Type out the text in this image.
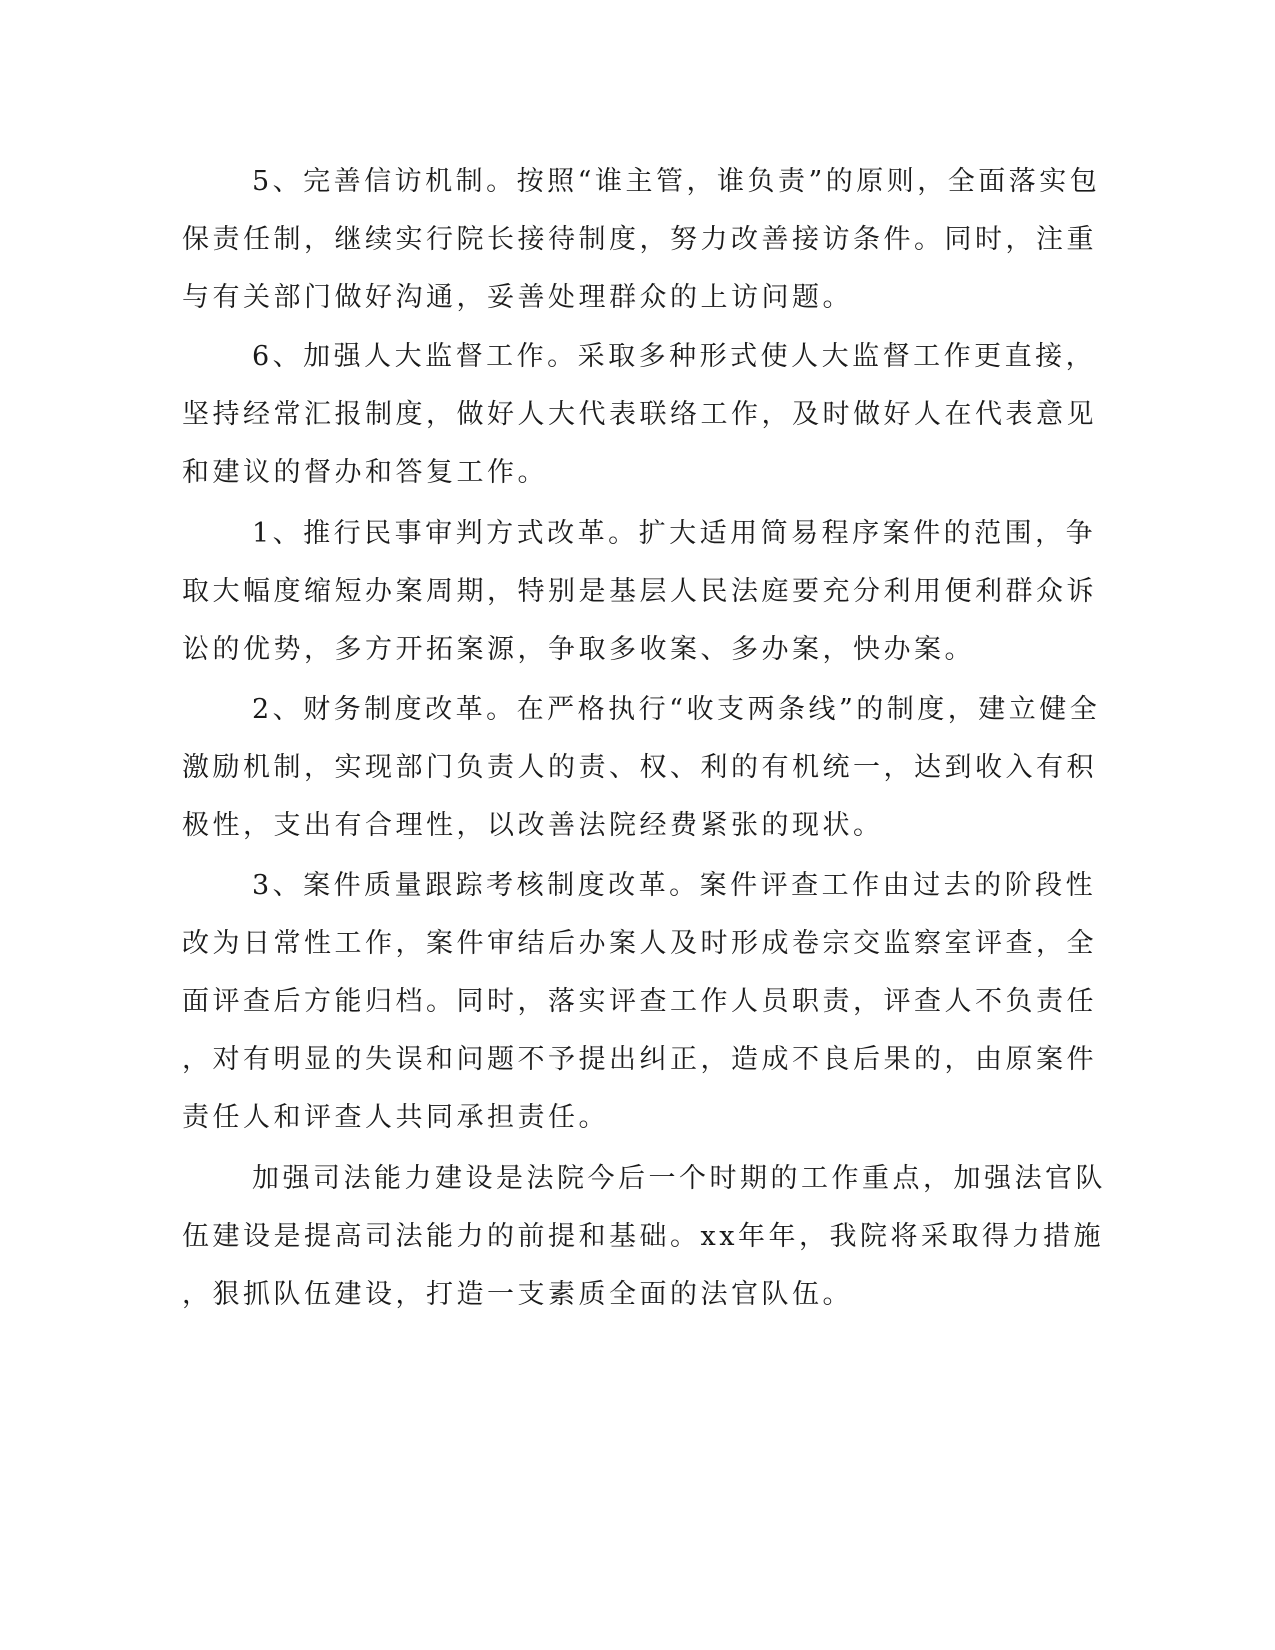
5、完善信访机制。按照“谁主管，谁负责”的原则，全面落实包
保责任制，继续实行院长接待制度，努力改善接访条件。同时，注重
与有关部门做好沟通，妥善处理群众的上访问题。
6、加强人大监督工作。采取多种形式使人大监督工作更直接，
坚持经常汇报制度，做好人大代表联络工作，及时做好人在代表意见
和建议的督办和答复工作。
1、推行民事审判方式改革。扩大适用简易程序案件的范围，争
取大幅度缩短办案周期，特别是基层人民法庭要充分利用便利群众诉
讼的优势，多方开拓案源，争取多收案、多办案，快办案。
2、财务制度改革。在严格执行“收支两条线”的制度，建立健全
激励机制，实现部门负责人的责、权、利的有机统一，达到收入有积
极性，支出有合理性，以改善法院经费紧张的现状。
3、案件质量跟踪考核制度改革。案件评查工作由过去的阶段性
改为日常性工作，案件审结后办案人及时形成卷宗交监察室评查，全
面评查后方能归档。同时，落实评查工作人员职责，评查人不负责任
，对有明显的失误和问题不予提出纠正，造成不良后果的，由原案件
责任人和评查人共同承担责任。
加强司法能力建设是法院今后一个时期的工作重点，加强法官队
伍建设是提高司法能力的前提和基础。xx年年，我院将采取得力措施
，狠抓队伍建设，打造一支素质全面的法官队伍。
